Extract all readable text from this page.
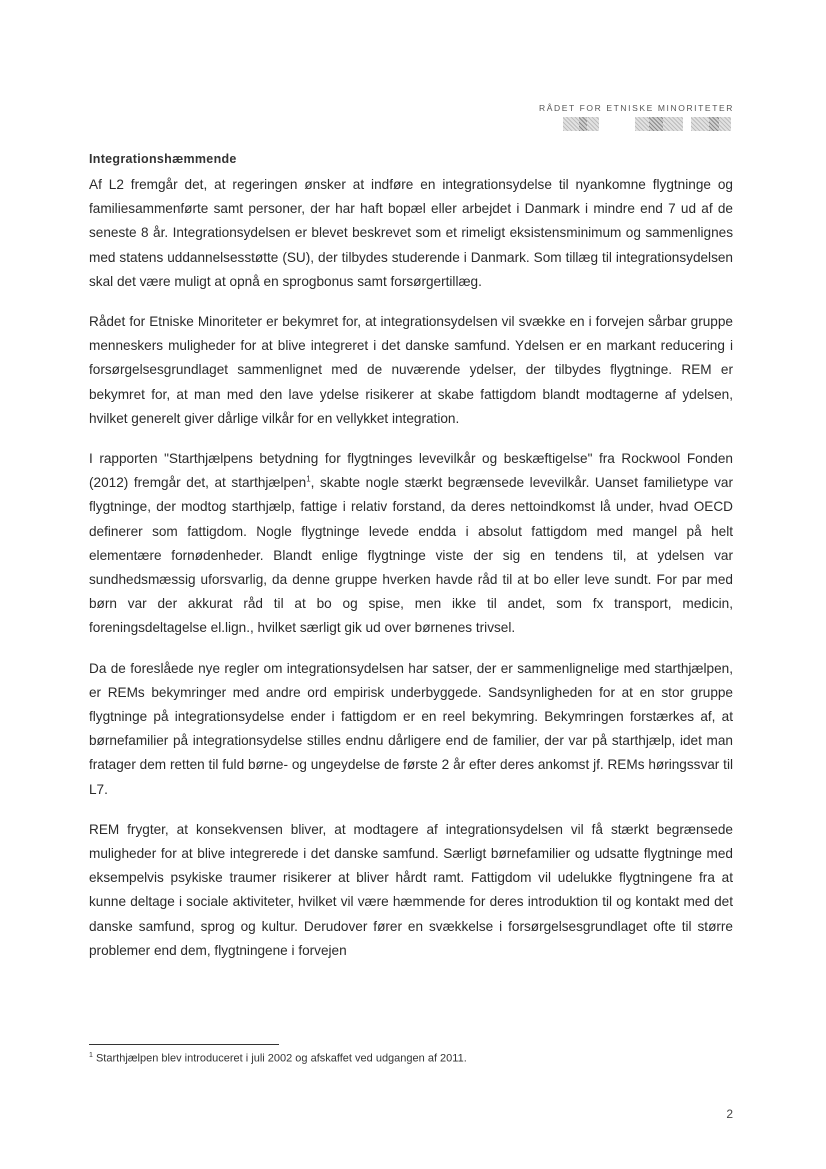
RÅDET FOR ETNISKE MINORITETER
Integrationshæmmende

Af L2 fremgår det, at regeringen ønsker at indføre en integrationsydelse til nyankomne flygtninge og familiesammenførte samt personer, der har haft bopæl eller arbejdet i Danmark i mindre end 7 ud af de seneste 8 år. Integrationsydelsen er blevet beskrevet som et rimeligt eksistensminimum og sammenlignes med statens uddannelsesstøtte (SU), der tilbydes studerende i Danmark. Som tillæg til integrationsydelsen skal det være muligt at opnå en sprogbonus samt forsørgertillæg.

Rådet for Etniske Minoriteter er bekymret for, at integrationsydelsen vil svække en i forvejen sårbar gruppe menneskers muligheder for at blive integreret i det danske samfund. Ydelsen er en markant reducering i forsørgelsesgrundlaget sammenlignet med de nuværende ydelser, der tilbydes flygtninge. REM er bekymret for, at man med den lave ydelse risikerer at skabe fattigdom blandt modtagerne af ydelsen, hvilket generelt giver dårlige vilkår for en vellykket integration.

I rapporten "Starthjælpens betydning for flygtninges levevilkår og beskæftigelse" fra Rockwool Fonden (2012) fremgår det, at starthjælpen$^1$, skabte nogle stærkt begrænsede levevilkår. Uanset familietype var flygtninge, der modtog starthjælp, fattige i relativ forstand, da deres nettoindkomst lå under, hvad OECD definerer som fattigdom. Nogle flygtninge levede endda i absolut fattigdom med mangel på helt elementære fornødenheder. Blandt enlige flygtninge viste der sig en tendens til, at ydelsen var sundhedsmæssig uforsvarlig, da denne gruppe hverken havde råd til at bo eller leve sundt. For par med børn var der akkurat råd til at bo og spise, men ikke til andet, som fx transport, medicin, foreningsdeltagelse el.lign., hvilket særligt gik ud over børnenes trivsel.

Da de foreslåede nye regler om integrationsydelsen har satser, der er sammenlignelige med starthjælpen, er REMs bekymringer med andre ord empirisk underbyggede. Sandsynligheden for at en stor gruppe flygtninge på integrationsydelse ender i fattigdom er en reel bekymring. Bekymringen forstærkes af, at børnefamilier på integrationsydelse stilles endnu dårligere end de familier, der var på starthjælp, idet man fratager dem retten til fuld børne- og ungeydelse de første 2 år efter deres ankomst jf. REMs høringssvar til L7.

REM frygter, at konsekvensen bliver, at modtagere af integrationsydelsen vil få stærkt begrænsede muligheder for at blive integrerede i det danske samfund. Særligt børnefamilier og udsatte flygtninge med eksempelvis psykiske traumer risikerer at bliver hårdt ramt. Fattigdom vil udelukke flygtningene fra at kunne deltage i sociale aktiviteter, hvilket vil være hæmmende for deres introduktion til og kontakt med det danske samfund, sprog og kultur. Derudover fører en svækkelse i forsørgelsesgrundlaget ofte til større problemer end dem, flygtningene i forvejen

$^1$ Starthjælpen blev introduceret i juli 2002 og afskaffet ved udgangen af 2011.
2
